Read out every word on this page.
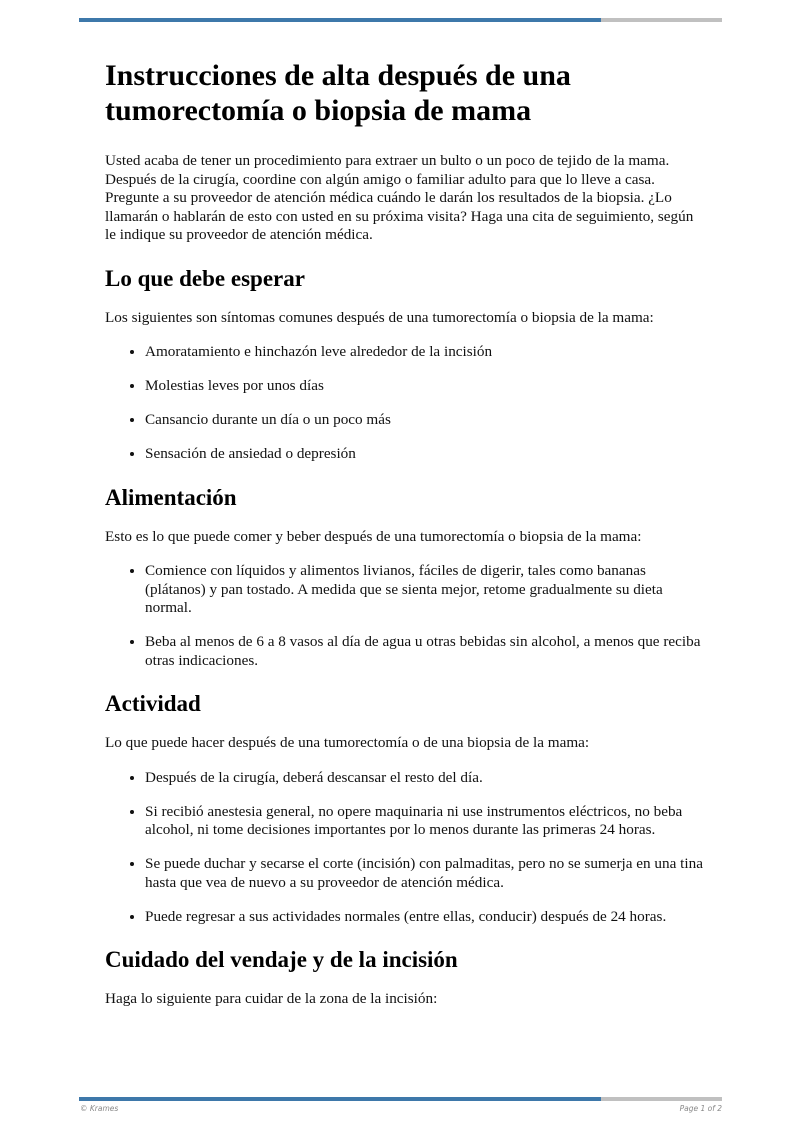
Instrucciones de alta después de una tumorectomía o biopsia de mama

Usted acaba de tener un procedimiento para extraer un bulto o un poco de tejido de la mama. Después de la cirugía, coordine con algún amigo o familiar adulto para que lo lleve a casa. Pregunte a su proveedor de atención médica cuándo le darán los resultados de la biopsia. ¿Lo llamarán o hablarán de esto con usted en su próxima visita? Haga una cita de seguimiento, según le indique su proveedor de atención médica.

Lo que debe esperar

Los siguientes son síntomas comunes después de una tumorectomía o biopsia de la mama:

• Amoratamiento e hinchazón leve alrededor de la incisión
• Molestias leves por unos días
• Cansancio durante un día o un poco más
• Sensación de ansiedad o depresión
Alimentación

Esto es lo que puede comer y beber después de una tumorectomía o biopsia de la mama:

• Comience con líquidos y alimentos livianos, fáciles de digerir, tales como bananas (plátanos) y pan tostado. A medida que se sienta mejor, retome gradualmente su dieta normal.
• Beba al menos de 6 a 8 vasos al día de agua u otras bebidas sin alcohol, a menos que reciba otras indicaciones.
Actividad

Lo que puede hacer después de una tumorectomía o de una biopsia de la mama:

• Después de la cirugía, deberá descansar el resto del día.
• Si recibió anestesia general, no opere maquinaria ni use instrumentos eléctricos, no beba alcohol, ni tome decisiones importantes por lo menos durante las primeras 24 horas.
• Se puede duchar y secarse el corte (incisión) con palmaditas, pero no se sumerja en una tina hasta que vea de nuevo a su proveedor de atención médica.
• Puede regresar a sus actividades normales (entre ellas, conducir) después de 24 horas.
Cuidado del vendaje y de la incisión

Haga lo siguiente para cuidar de la zona de la incisión:

© Krames	Page 1 of 2
